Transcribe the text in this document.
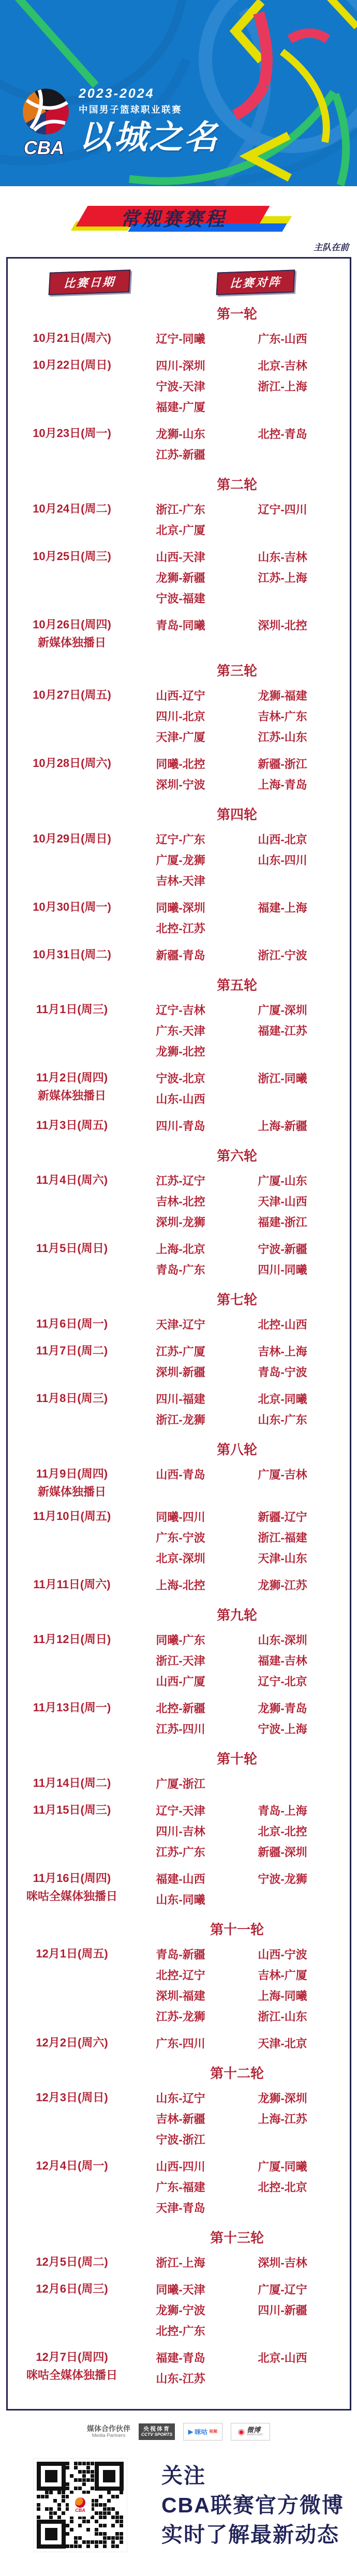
CBA
2023-2024
中国男子篮球职业联赛
以城之名
常规赛赛程
主队在前
比赛日期	比赛对阵
第一轮
10月21日(周六)	辽宁-同曦	广东-山西
10月22日(周日)	四川-深圳	北京-吉林
宁波-天津	浙江-上海
福建-广厦
10月23日(周一)	龙狮-山东	北控-青岛
江苏-新疆
第二轮
10月24日(周二)	浙江-广东	辽宁-四川
北京-广厦
10月25日(周三)	山西-天津	山东-吉林
龙狮-新疆	江苏-上海
宁波-福建
10月26日(周四)
新媒体独播日
青岛-同曦	深圳-北控
第三轮
10月27日(周五)	山西-辽宁	龙狮-福建
四川-北京	吉林-广东
天津-广厦	江苏-山东
10月28日(周六)	同曦-北控	新疆-浙江
深圳-宁波	上海-青岛
第四轮
10月29日(周日)	辽宁-广东	山西-北京
广厦-龙狮	山东-四川
吉林-天津
10月30日(周一)	同曦-深圳	福建-上海
北控-江苏
10月31日(周二)	新疆-青岛	浙江-宁波
第五轮
11月1日(周三)	辽宁-吉林	广厦-深圳
广东-天津	福建-江苏
龙狮-北控
11月2日(周四)
新媒体独播日
宁波-北京	浙江-同曦
山东-山西
11月3日(周五)	四川-青岛	上海-新疆
第六轮
11月4日(周六)	江苏-辽宁	广厦-山东
吉林-北控	天津-山西
深圳-龙狮	福建-浙江
11月5日(周日)	上海-北京	宁波-新疆
青岛-广东	四川-同曦
第七轮
11月6日(周一)	天津-辽宁	北控-山西
11月7日(周二)	江苏-广厦	吉林-上海
深圳-新疆	青岛-宁波
11月8日(周三)	四川-福建	北京-同曦
浙江-龙狮	山东-广东
第八轮
11月9日(周四)
新媒体独播日
山西-青岛	广厦-吉林
11月10日(周五)	同曦-四川	新疆-辽宁
广东-宁波	浙江-福建
北京-深圳	天津-山东
11月11日(周六)	上海-北控	龙狮-江苏
第九轮
11月12日(周日)	同曦-广东	山东-深圳
浙江-天津	福建-吉林
山西-广厦	辽宁-北京
11月13日(周一)	北控-新疆	龙狮-青岛
江苏-四川	宁波-上海
第十轮
11月14日(周二)	广厦-浙江
11月15日(周三)	辽宁-天津	青岛-上海
四川-吉林	北京-北控
江苏-广东	新疆-深圳
11月16日(周四)
咪咕全媒体独播日
福建-山西	宁波-龙狮
山东-同曦
第十一轮
12月1日(周五)	青岛-新疆	山西-宁波
北控-辽宁	吉林-广厦
深圳-福建	上海-同曦
江苏-龙狮	浙江-山东
12月2日(周六)	广东-四川	天津-北京
第十二轮
12月3日(周日)	山东-辽宁	龙狮-深圳
吉林-新疆	上海-江苏
宁波-浙江
12月4日(周一)	山西-四川	广厦-同曦
广东-福建	北控-北京
天津-青岛
第十三轮
12月5日(周二)	浙江-上海	深圳-吉林
12月6日(周三)	同曦-天津	广厦-辽宁
龙狮-宁波	四川-新疆
北控-广东
12月7日(周四)
咪咕全媒体独播日
福建-青岛	北京-山西
山东-江苏
媒体合作伙伴
Media Partners
央视体育
CCTV SPORTS	▶ 咪咕 视频	◉ 微博
weibo.com
CBA
关注
CBA联赛官方微博
实时了解最新动态
